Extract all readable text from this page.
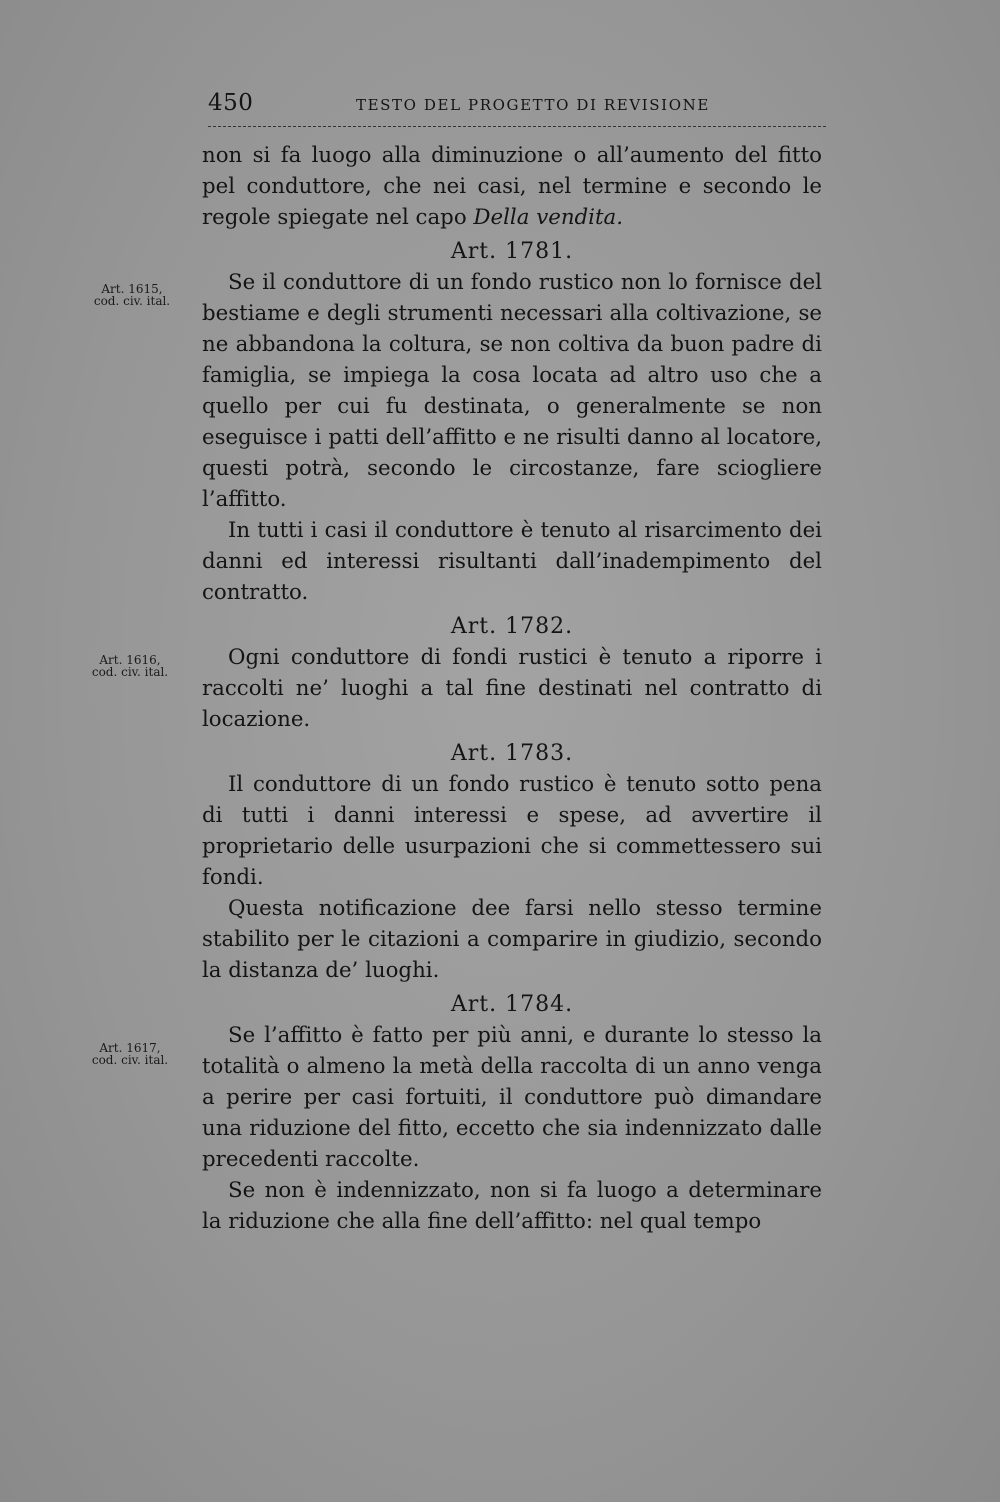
450	TESTO DEL PROGETTO DI REVISIONE
Art. 1615,
cod. civ. ital.
Art. 1616,
cod. civ. ital.
Art. 1617,
cod. civ. ital.

non si fa luogo alla diminuzione o all’aumento del fitto pel conduttore, che nei casi, nel termine e secondo le regole spiegate nel capo Della vendita.

Art. 1781.

Se il conduttore di un fondo rustico non lo fornisce del bestiame e degli strumenti necessari alla coltivazione, se ne abbandona la coltura, se non coltiva da buon padre di famiglia, se impiega la cosa locata ad altro uso che a quello per cui fu destinata, o generalmente se non eseguisce i patti dell’affitto e ne risulti danno al locatore, questi potrà, secondo le circostanze, fare sciogliere l’affitto.

In tutti i casi il conduttore è tenuto al risarcimento dei danni ed interessi risultanti dall’inadempimento del contratto.

Art. 1782.

Ogni conduttore di fondi rustici è tenuto a riporre i raccolti ne’ luoghi a tal fine destinati nel contratto di locazione.

Art. 1783.

Il conduttore di un fondo rustico è tenuto sotto pena di tutti i danni interessi e spese, ad avvertire il proprietario delle usurpazioni che si commettessero sui fondi.

Questa notificazione dee farsi nello stesso termine stabilito per le citazioni a comparire in giudizio, secondo la distanza de’ luoghi.

Art. 1784.

Se l’affitto è fatto per più anni, e durante lo stesso la totalità o almeno la metà della raccolta di un anno venga a perire per casi fortuiti, il conduttore può dimandare una riduzione del fitto, eccetto che sia indennizzato dalle precedenti raccolte.

Se non è indennizzato, non si fa luogo a determinare la riduzione che alla fine dell’affitto: nel qual tempo
